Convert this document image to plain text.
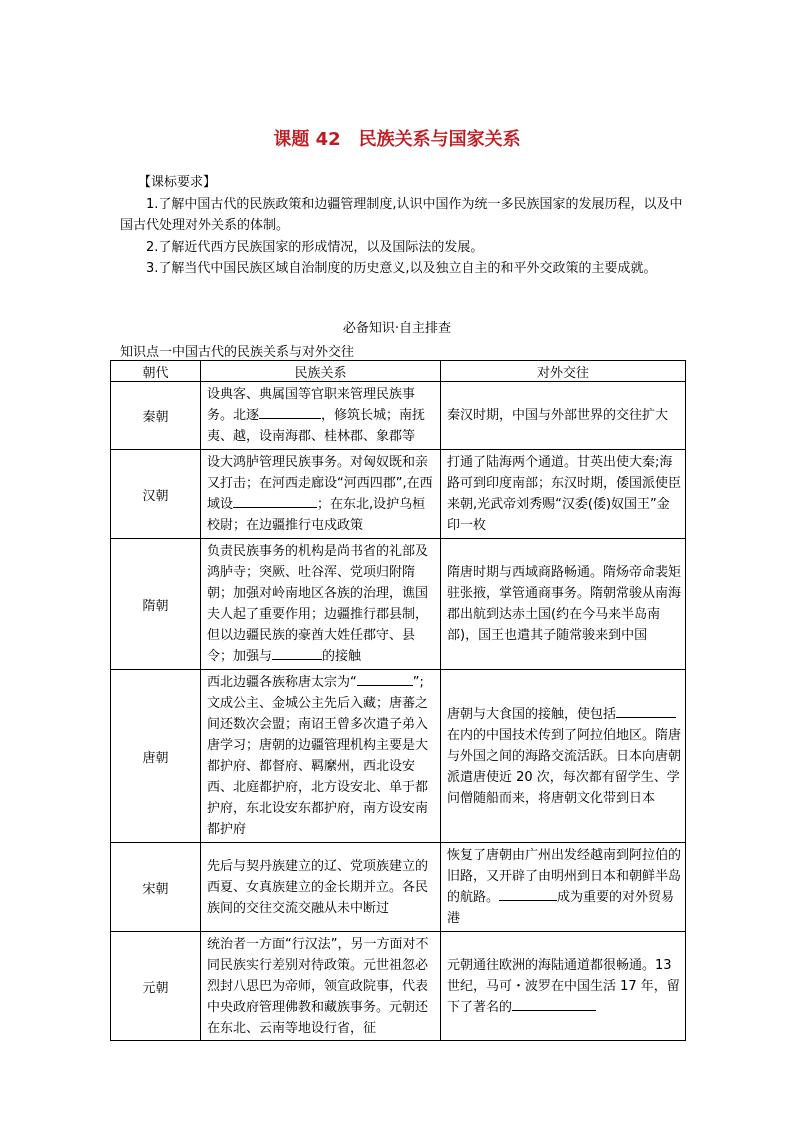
课题 42　民族关系与国家关系

【课标要求】

1.了解中国古代的民族政策和边疆管理制度,认识中国作为统一多民族国家的发展历程，以及中国古代处理对外关系的体制。

2.了解近代西方民族国家的形成情况，以及国际法的发展。

3.了解当代中国民族区域自治制度的历史意义,以及独立自主的和平外交政策的主要成就。

必备知识·自主排查
知识点一中国古代的民族关系与对外交往
朝代	民族关系	对外交往
秦朝	设典客、典属国等官职来管理民族事务。北逐 ，修筑长城；南抚夷、越，设南海郡、桂林郡、象郡等	秦汉时期，中国与外部世界的交往扩大
汉朝	设大鸿胪管理民族事务。对匈奴既和亲又打击；在河西走廊设“河西四郡”,在西域设 ；在东北,设护乌桓校尉；在边疆推行屯戍政策	打通了陆海两个通道。甘英出使大秦;海路可到印度南部；东汉时期，倭国派使臣来朝,光武帝刘秀赐“汉委(倭)奴国王”金印一枚
隋朝	负责民族事务的机构是尚书省的礼部及鸿胪寺；突厥、吐谷浑、党项归附隋朝；加强对岭南地区各族的治理，谯国夫人起了重要作用；边疆推行郡县制，但以边疆民族的豪酋大姓任郡守、县令；加强与 的接触	隋唐时期与西域商路畅通。隋炀帝命裴矩驻张掖，掌管通商事务。隋朝常骏从南海郡出航到达赤土国(约在今马来半岛南部)，国王也遣其子随常骏来到中国
唐朝	西北边疆各族称唐太宗为“ ”;文成公主、金城公主先后入藏；唐蕃之间还数次会盟；南诏王曾多次遣子弟入唐学习；唐朝的边疆管理机构主要是大都护府、都督府、羁縻州，西北设安西、北庭都护府，北方设安北、单于都护府，东北设安东都护府，南方设安南都护府	唐朝与大食国的接触，使包括在内的中国技术传到了阿拉伯地区。隋唐与外国之间的海路交流活跃。日本向唐朝派遣唐使近 20 次，每次都有留学生、学问僧随船而来，将唐朝文化带到日本
宋朝	先后与契丹族建立的辽、党项族建立的西夏、女真族建立的金长期并立。各民族间的交往交流交融从未中断过	恢复了唐朝由广州出发经越南到阿拉伯的旧路，又开辟了由明州到日本和朝鲜半岛的航路。 成为重要的对外贸易港
元朝	统治者一方面“行汉法”，另一方面对不同民族实行差别对待政策。元世祖忽必烈封八思巴为帝师，领宣政院事，代表中央政府管理佛教和藏族事务。元朝还在东北、云南等地设行省，征	元朝通往欧洲的海陆通道都很畅通。13 世纪，马可・波罗在中国生活 17 年，留下了著名的
